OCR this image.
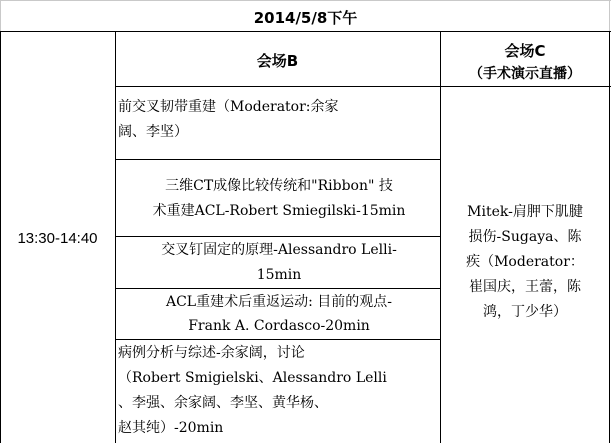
2014/5/8下午
会场B
会场C
（手术演示直播）
13:30-14:40
前交叉韧带重建（Moderator:余家
阔、李坚）
三维CT成像比较传统和"Ribbon" 技
术重建ACL-Robert Smiegilski-15min
交叉钉固定的原理-Alessandro Lelli-
15min
ACL重建术后重返运动: 目前的观点-
Frank A. Cordasco-20min
病例分析与综述-余家阔，讨论
（Robert Smigielski、Alessandro Lelli
、李强、余家阔、李坚、黄华杨、
赵其纯）-20min
Mitek-肩胛下肌腱
损伤-Sugaya、陈
疾（Moderator：
崔国庆，王蕾，陈
鸿，丁少华）
